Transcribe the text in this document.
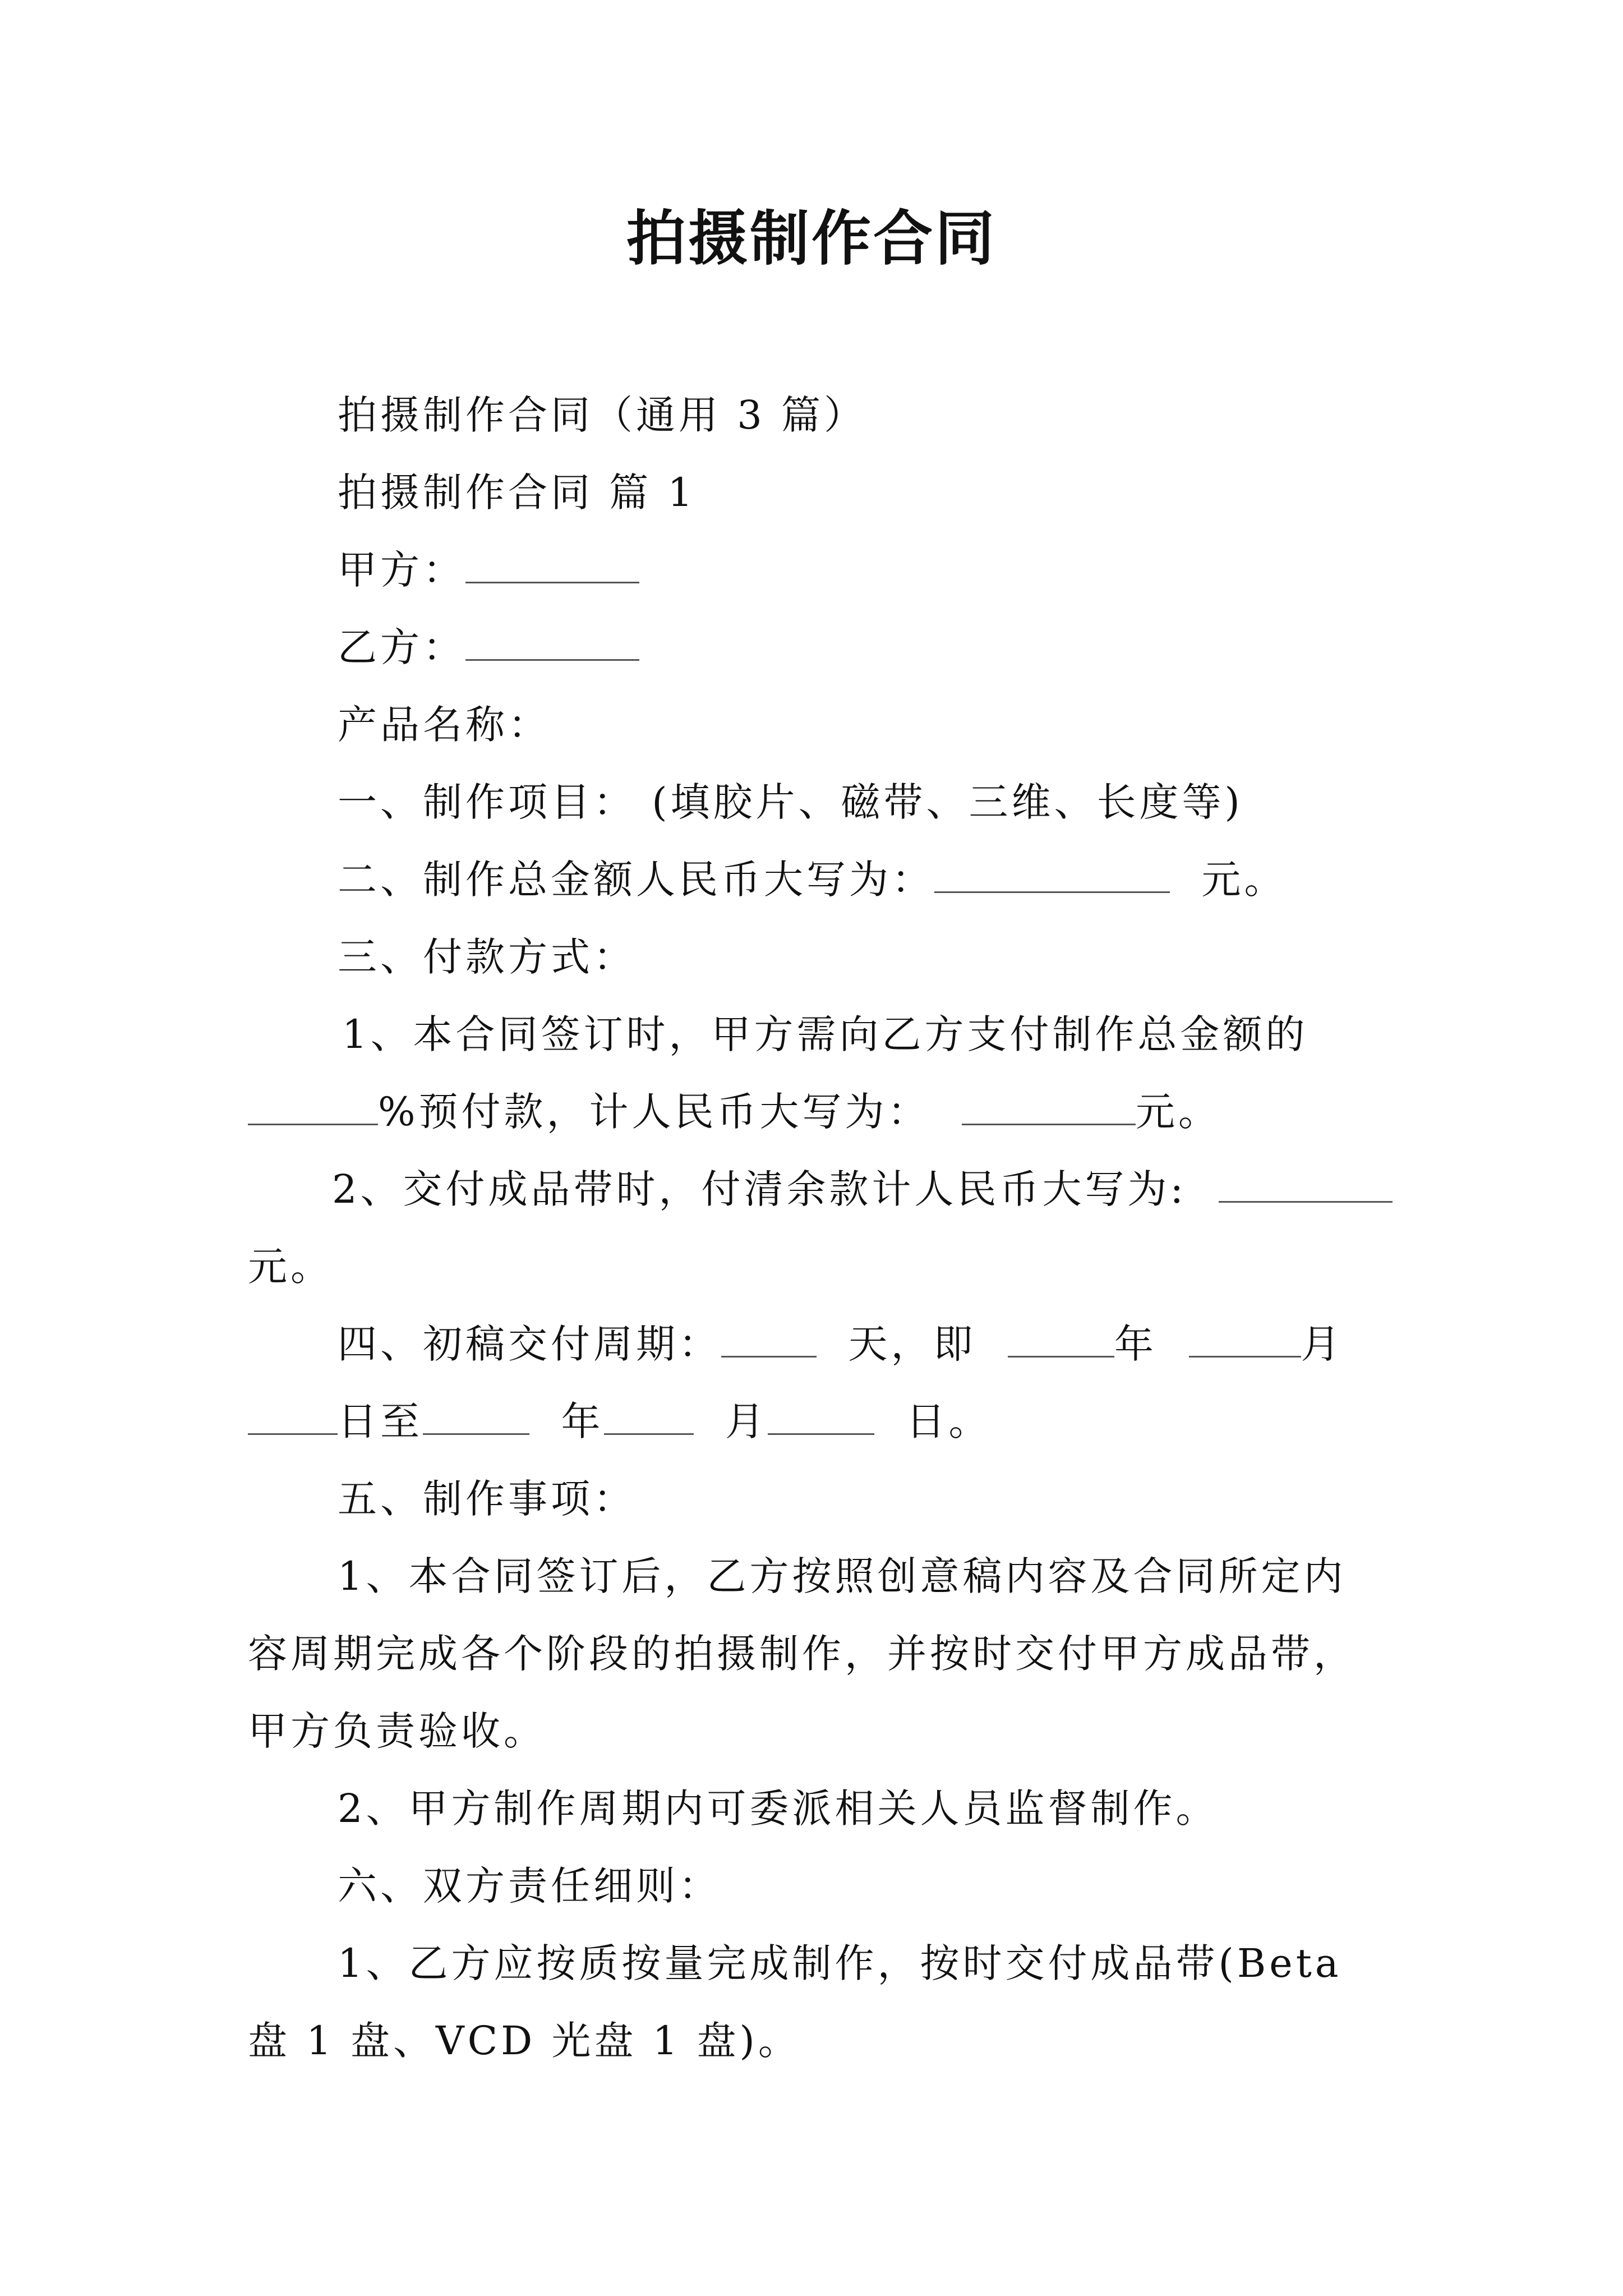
拍摄制作合同
拍摄制作合同（通用 3 篇）
拍摄制作合同 篇 1
甲方：
乙方：
产品名称：
一、制作项目： (填胶片、磁带、三维、长度等)
二、制作总金额人民币大写为：	元。
三、付款方式：
1、本合同签订时，甲方需向乙方支付制作总金额的
%预付款，计人民币大写为：	元。
2、交付成品带时，付清余款计人民币大写为:
元。
四、初稿交付周期：	天，即	年	月
日至	年	月	日。
五、制作事项：
1、本合同签订后，乙方按照创意稿内容及合同所定内
容周期完成各个阶段的拍摄制作，并按时交付甲方成品带，
甲方负责验收。
2、甲方制作周期内可委派相关人员监督制作。
六、双方责任细则：
1、乙方应按质按量完成制作，按时交付成品带(Beta
盘 1 盘、VCD 光盘 1 盘)。
